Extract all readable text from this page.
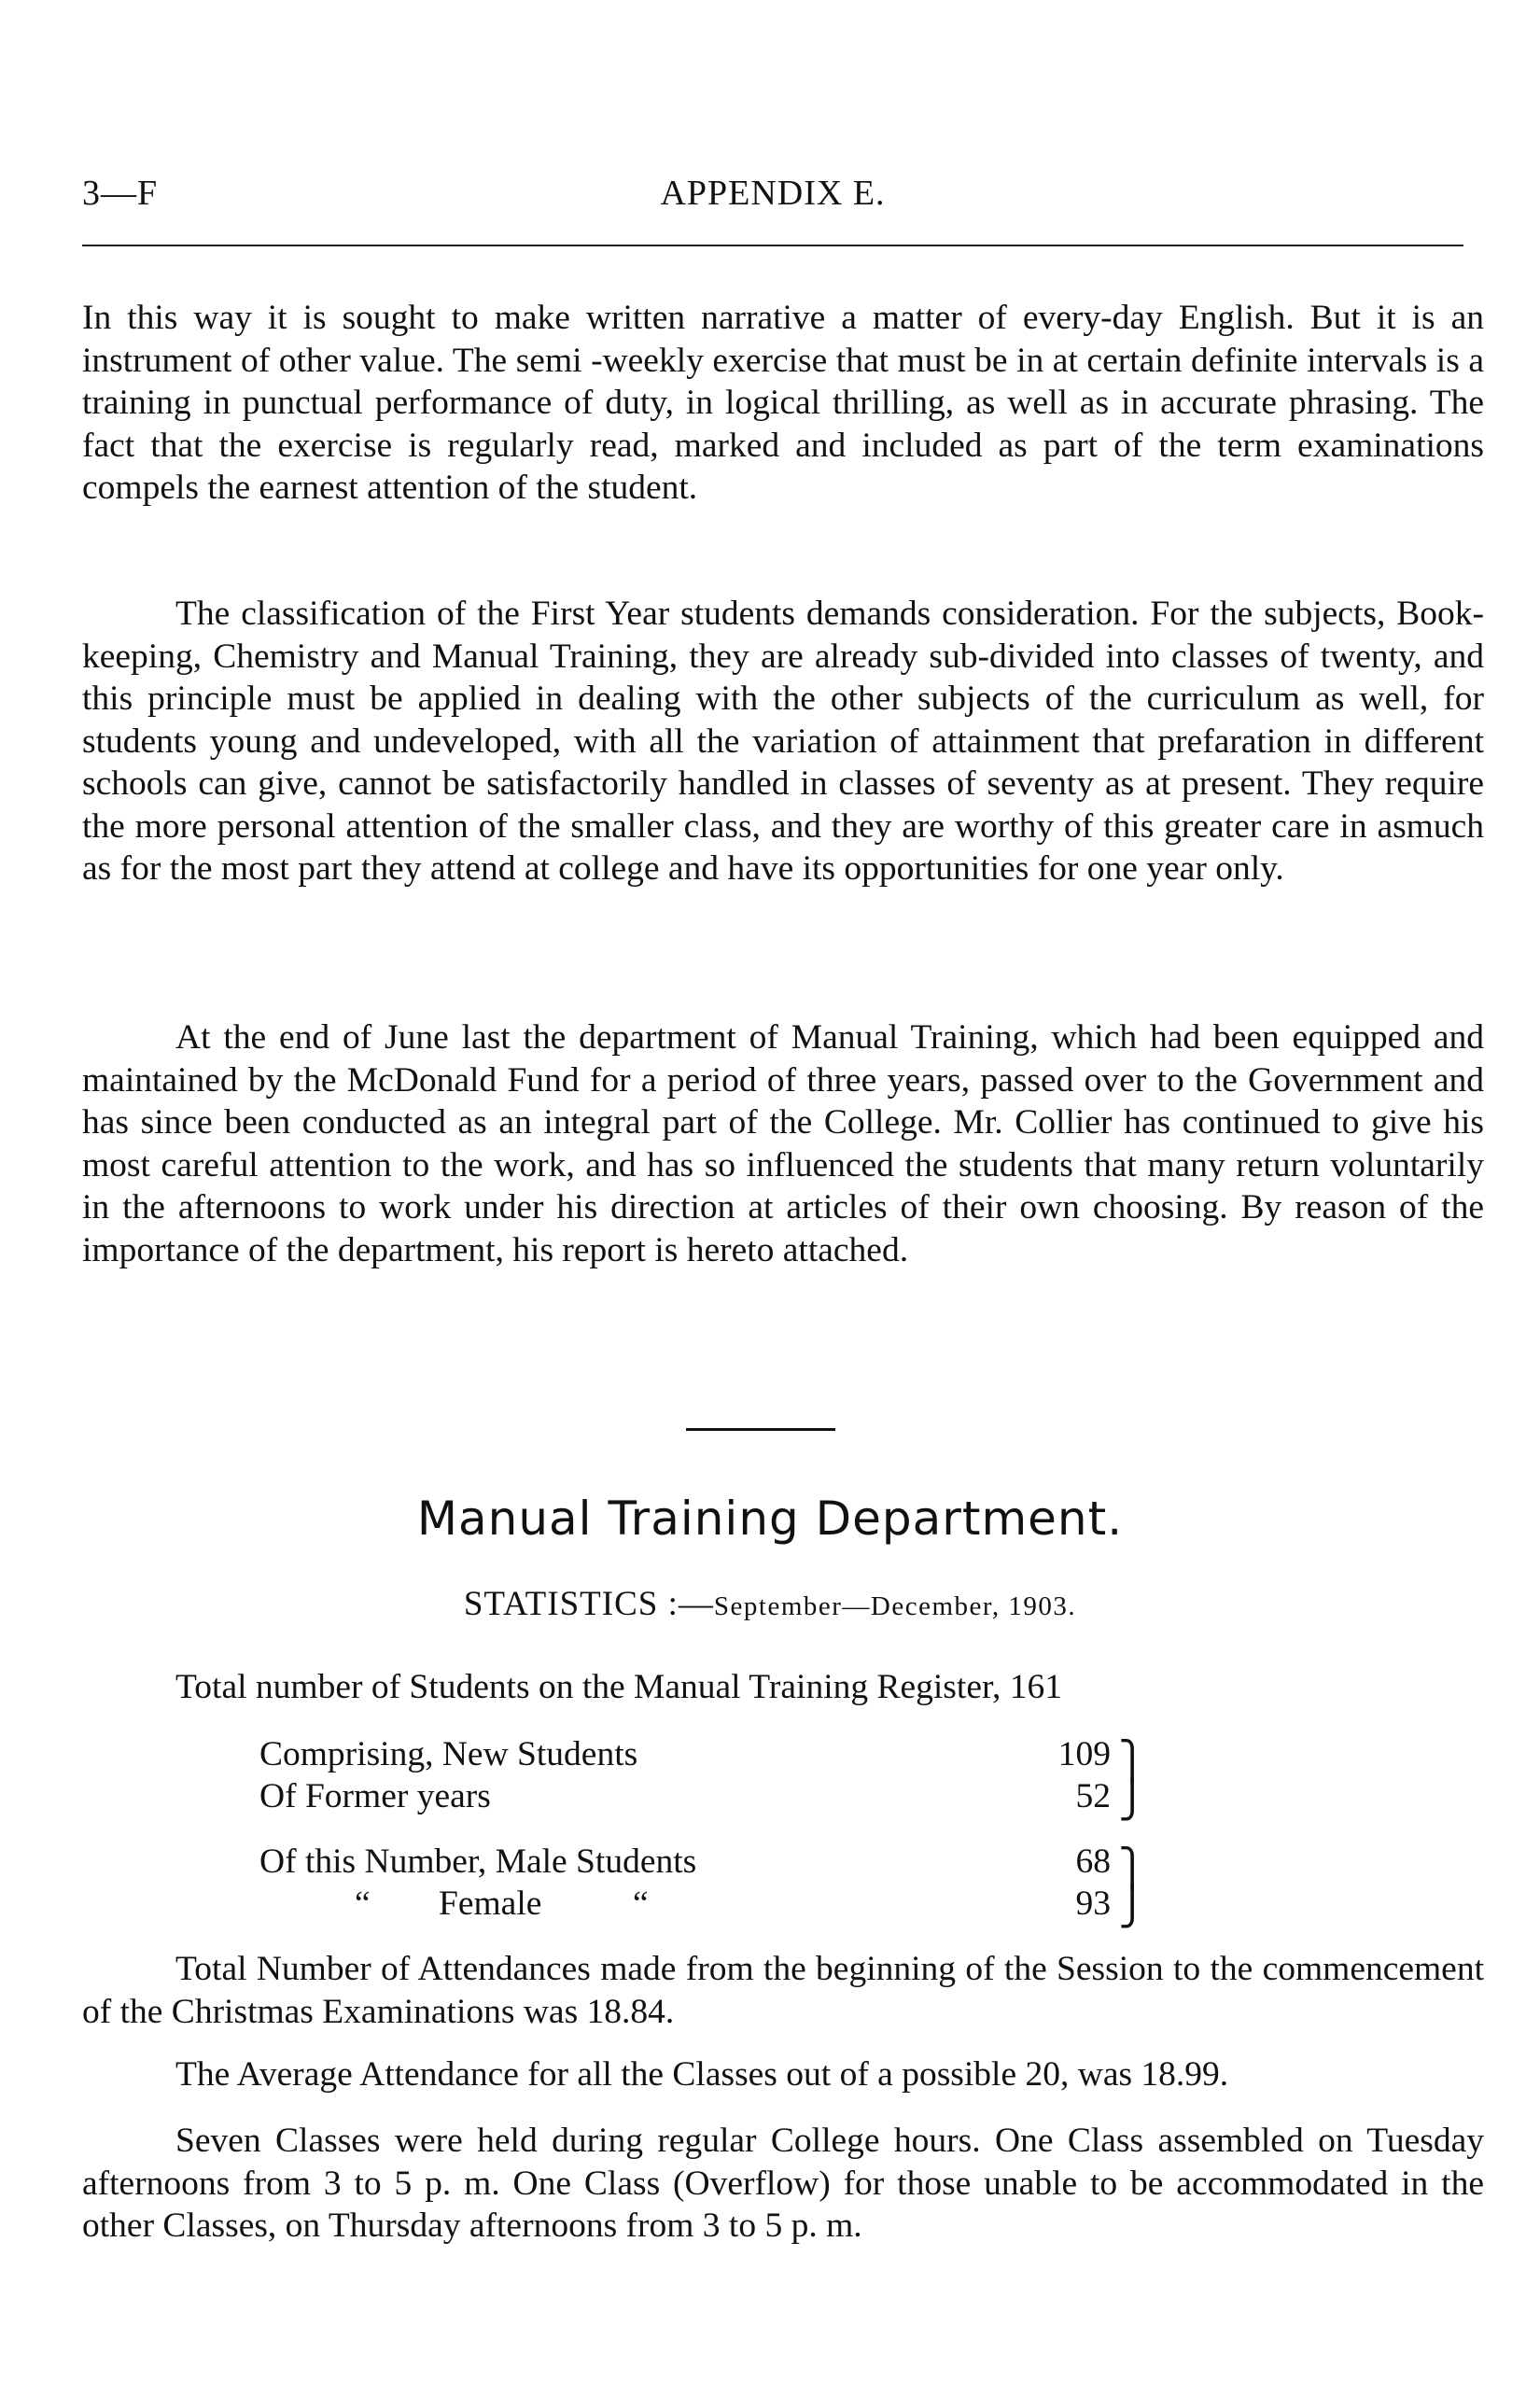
3—F	APPENDIX E.

In this way it is sought to make written narrative a matter of every-day English. But it is an instrument of other value. The semi -weekly exercise that must be in at certain definite intervals is a training in punctual performance of duty, in logical thrilling, as well as in accurate phrasing. The fact that the exercise is regularly read, marked and included as part of the term examinations compels the earnest attention of the student.

The classification of the First Year students demands consideration. For the subjects, Book-keeping, Chemistry and Manual Training, they are already sub-divided into classes of twenty, and this principle must be applied in dealing with the other subjects of the curriculum as well, for students young and undeveloped, with all the variation of attainment that prefaration in different schools can give, cannot be satisfactorily handled in classes of seventy as at present. They require the more personal attention of the smaller class, and they are worthy of this greater care in asmuch as for the most part they attend at college and have its opportunities for one year only.

At the end of June last the department of Manual Training, which had been equipped and maintained by the McDonald Fund for a period of three years, passed over to the Government and has since been conducted as an integral part of the College. Mr. Collier has continued to give his most careful attention to the work, and has so influenced the students that many return voluntarily in the afternoons to work under his direction at articles of their own choosing. By reason of the importance of the department, his report is hereto attached.

Manual Training Department.
STATISTICS :—September—December, 1903.

Total number of Students on the Manual Training Register, 161

Comprising, New Students	109
Of Former years	52
⎫
⎭
Of this Number, Male Students	68
“ Female	“	93
⎫
⎭

Total Number of Attendances made from the beginning of the Session to the commencement of the Christmas Examinations was 18.84.

The Average Attendance for all the Classes out of a possible 20, was 18.99.

Seven Classes were held during regular College hours. One Class assembled on Tuesday afternoons from 3 to 5 p. m. One Class (Overflow) for those unable to be accommodated in the other Classes, on Thursday afternoons from 3 to 5 p. m.
